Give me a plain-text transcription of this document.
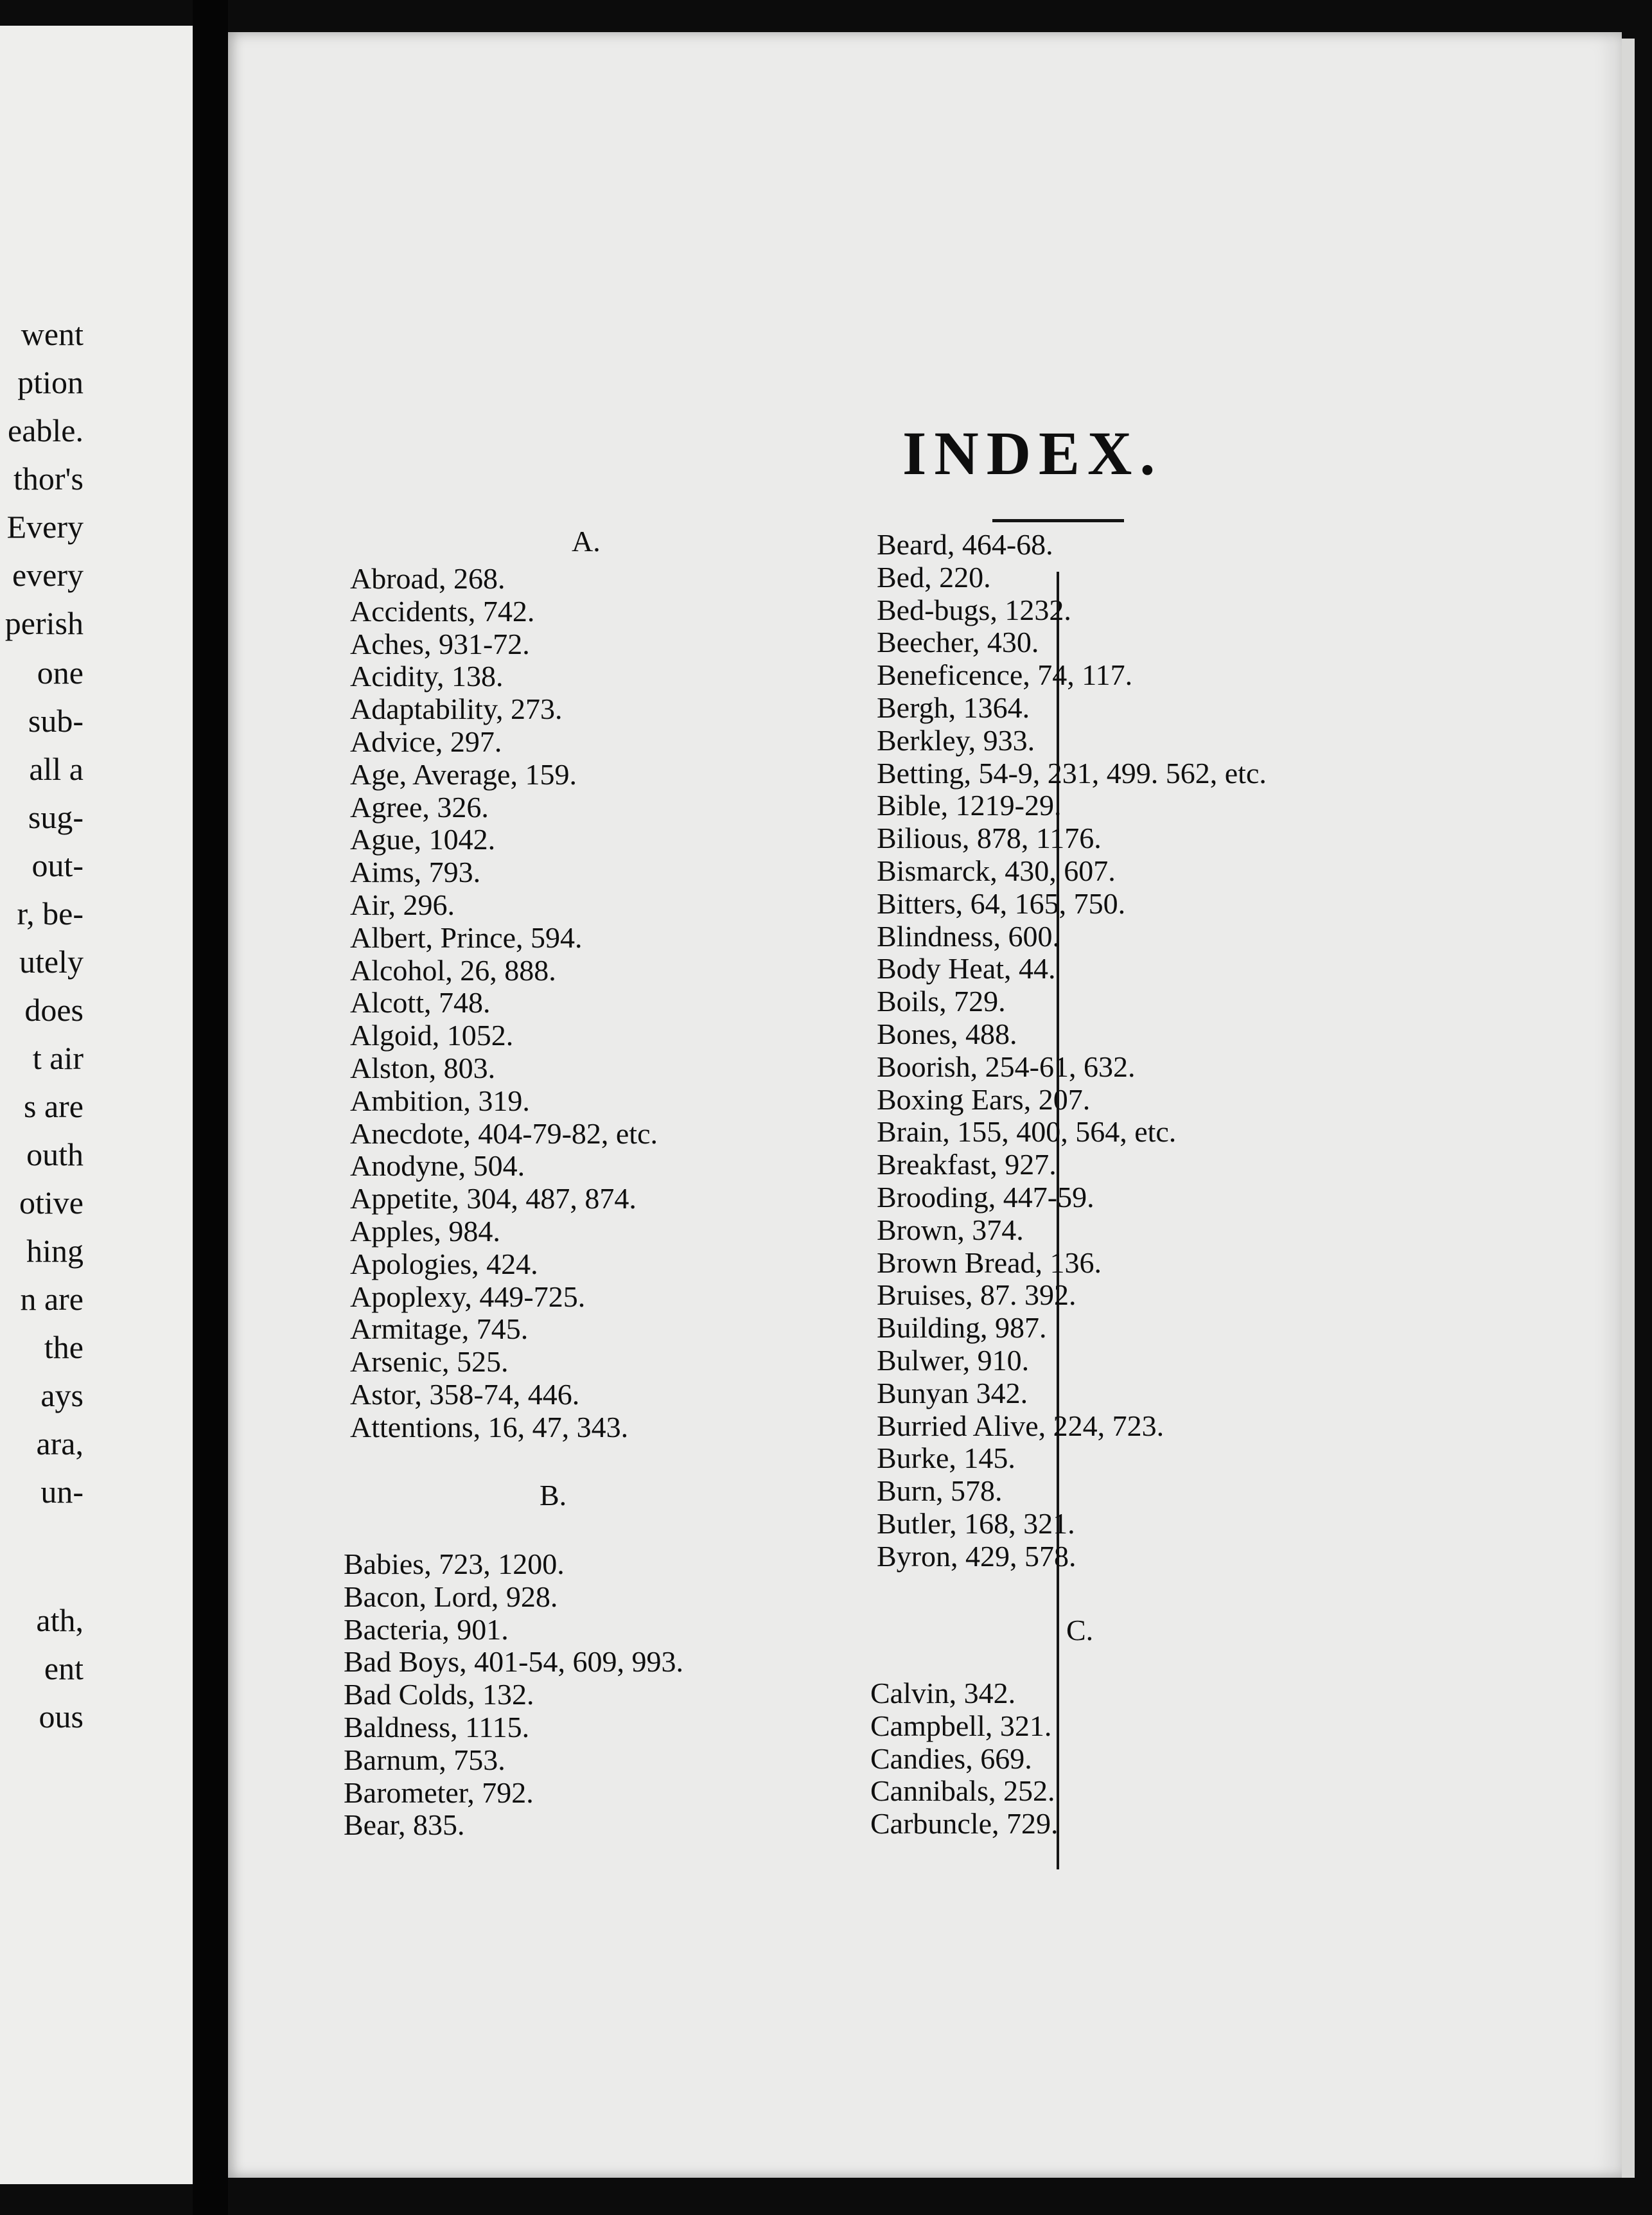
went
ption
eable.
thor's
Every
every
perish
one
sub-
all a
sug-
out-
r, be-
utely
does
t air
s are
outh
otive
hing
n are
the
ays
ara,
un-
ath,
ent
ous
INDEX.
A.
Abroad, 268.
Accidents, 742.
Aches, 931-72.
Acidity, 138.
Adaptability, 273.
Advice, 297.
Age, Average, 159.
Agree, 326.
Ague, 1042.
Aims, 793.
Air, 296.
Albert, Prince, 594.
Alcohol, 26, 888.
Alcott, 748.
Algoid, 1052.
Alston, 803.
Ambition, 319.
Anecdote, 404-79-82, etc.
Anodyne, 504.
Appetite, 304, 487, 874.
Apples, 984.
Apologies, 424.
Apoplexy, 449-725.
Armitage, 745.
Arsenic, 525.
Astor, 358-74, 446.
Attentions, 16, 47, 343.
B.
Babies, 723, 1200.
Bacon, Lord, 928.
Bacteria, 901.
Bad Boys, 401-54, 609, 993.
Bad Colds, 132.
Baldness, 1115.
Barnum, 753.
Barometer, 792.
Bear, 835.
Beard, 464-68.
Bed, 220.
Bed-bugs, 1232.
Beecher, 430.
Beneficence, 74, 117.
Bergh, 1364.
Berkley, 933.
Betting, 54-9, 231, 499. 562, etc.
Bible, 1219-29.
Bilious, 878, 1176.
Bismarck, 430, 607.
Bitters, 64, 165, 750.
Blindness, 600.
Body Heat, 44.
Boils, 729.
Bones, 488.
Boorish, 254-61, 632.
Boxing Ears, 207.
Brain, 155, 400, 564, etc.
Breakfast, 927.
Brooding, 447-59.
Brown, 374.
Brown Bread, 136.
Bruises, 87. 392.
Building, 987.
Bulwer, 910.
Bunyan 342.
Burried Alive, 224, 723.
Burke, 145.
Burn, 578.
Butler, 168, 321.
Byron, 429, 578.
C.
Calvin, 342.
Campbell, 321.
Candies, 669.
Cannibals, 252.
Carbuncle, 729.
